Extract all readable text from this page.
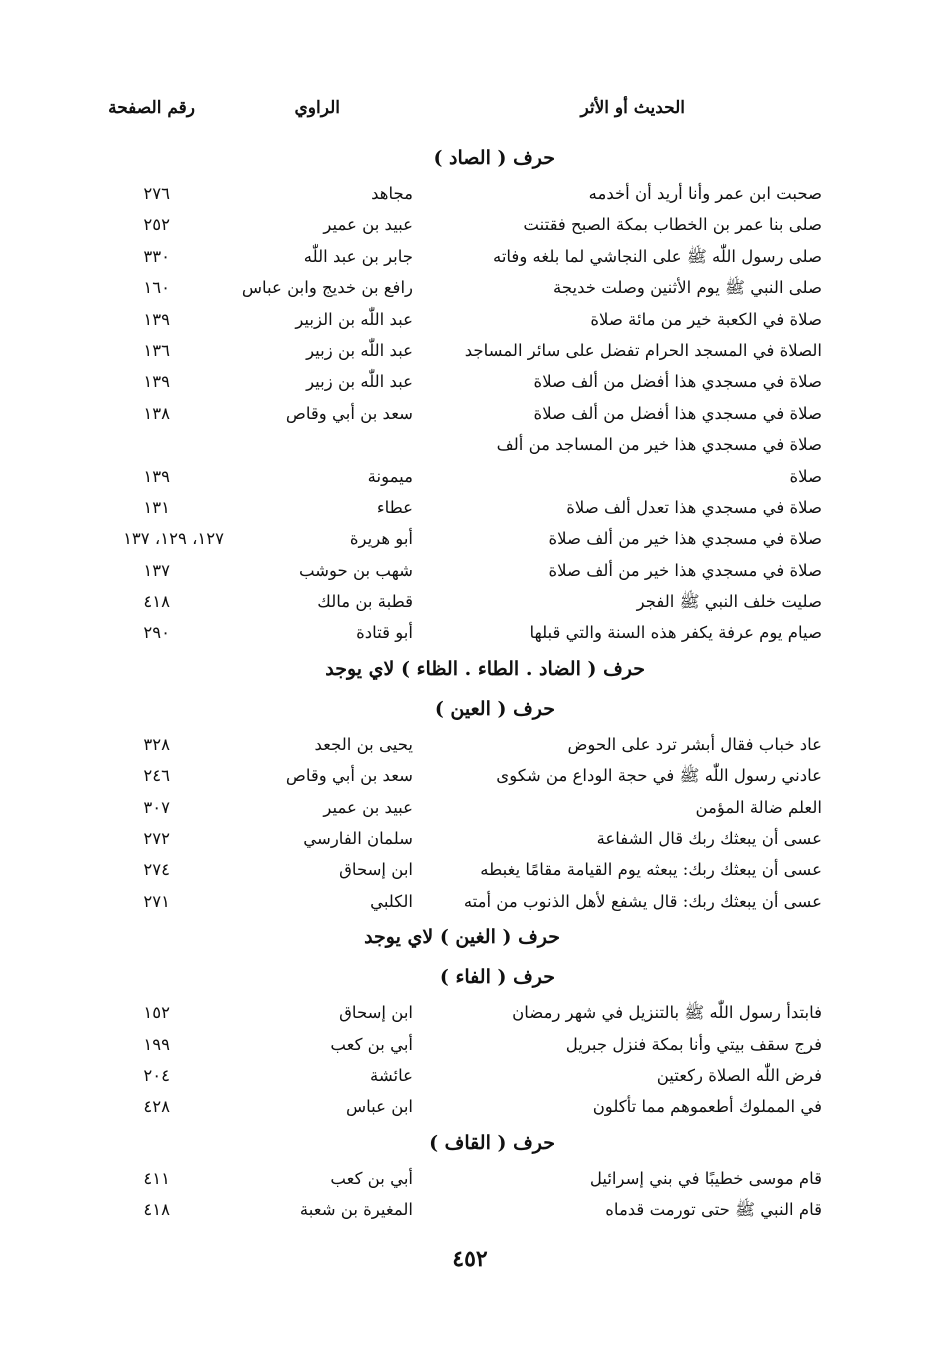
الحديث أو الأثر
الراوي
رقم الصفحة
حرف ( الصاد )
صحبت ابن عمر وأنا أريد أن أخدمه
مجاهد
٢٧٦
صلى بنا عمر بن الخطاب بمكة الصبح فقتنت
عبيد بن عمير
٢٥٢
صلى رسول اللّٰه ﷺ على النجاشي لما بلغه وفاته
جابر بن عبد اللّٰه
٣٣٠
صلى النبي ﷺ يوم الأثنين وصلت خديجة
رافع بن خديج وابن عباس
١٦٠
صلاة في الكعبة خير من مائة صلاة
عبد اللّٰه بن الزبير
١٣٩
الصلاة في المسجد الحرام تفضل على سائر المساجد
عبد اللّٰه بن زبير
١٣٦
صلاة في مسجدي هذا أفضل من ألف صلاة
عبد اللّٰه بن زبير
١٣٩
صلاة في مسجدي هذا أفضل من ألف صلاة
سعد بن أبي وقاص
١٣٨
صلاة في مسجدي هذا خير من المساجد من ألف
صلاة
ميمونة
١٣٩
صلاة في مسجدي هذا تعدل ألف صلاة
عطاء
١٣١
صلاة في مسجدي هذا خير من ألف صلاة
أبو هريرة
١٢٧، ١٢٩، ١٣٧
صلاة في مسجدي هذا خير من ألف صلاة
شهب بن حوشب
١٣٧
صليت خلف النبي ﷺ الفجر
قطبة بن مالك
٤١٨
صيام يوم عرفة يكفر هذه السنة والتي قبلها
أبو قتادة
٢٩٠
حرف ( الضاد . الطاء . الظاء ) لاي يوجد
حرف ( العين )
عاد خباب فقال أبشر ترد على الحوض
يحيى بن الجعد
٣٢٨
عادني رسول اللّٰه ﷺ في حجة الوداع من شكوى
سعد بن أبي وقاص
٢٤٦
العلم ضالة المؤمن
عبيد بن عمير
٣٠٧
عسى أن يبعثك ربك قال الشفاعة
سلمان الفارسي
٢٧٢
عسى أن يبعثك ربك: يبعثه يوم القيامة مقامًا يغبطه
ابن إسحاق
٢٧٤
عسى أن يبعثك ربك: قال يشفع لأهل الذنوب من أمته
الكلبي
٢٧١
حرف ( الغين ) لاي يوجد
حرف ( الفاء )
فابتدأ رسول اللّٰه ﷺ بالتنزيل في شهر رمضان
ابن إسحاق
١٥٢
فرج سقف بيتي وأنا بمكة فنزل جبريل
أبي بن كعب
١٩٩
فرض اللّٰه الصلاة ركعتين
عائشة
٢٠٤
في المملوك أطعموهم مما تأكلون
ابن عباس
٤٢٨
حرف ( القاف )
قام موسى خطيبًا في بني إسرائيل
أبي بن كعب
٤١١
قام النبي ﷺ حتى تورمت قدماه
المغيرة بن شعبة
٤١٨
٤٥٢
